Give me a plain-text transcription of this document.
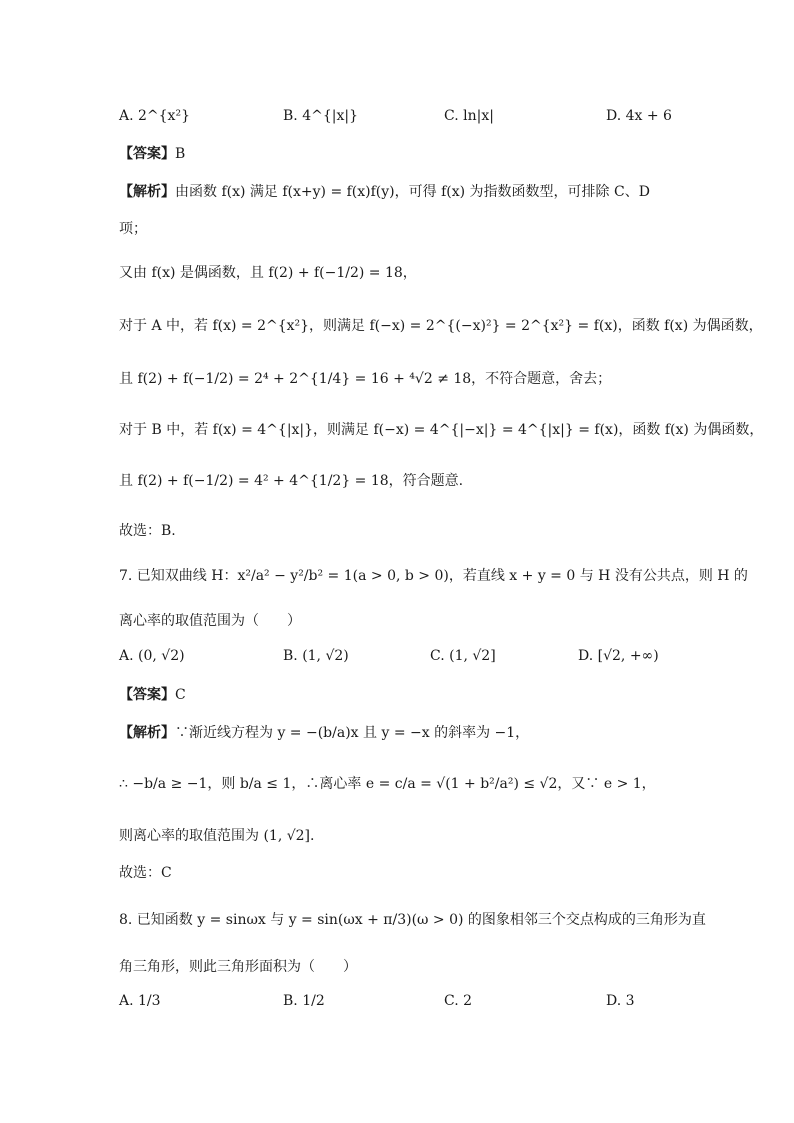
A. 2^{x²}	B. 4^{|x|}	C. ln|x|	D. 4x + 6
【答案】B
【解析】由函数 f(x) 满足 f(x+y) = f(x)f(y)，可得 f(x) 为指数函数型，可排除 C、D
项；
又由 f(x) 是偶函数，且 f(2) + f(−1/2) = 18，
对于 A 中，若 f(x) = 2^{x²}，则满足 f(−x) = 2^{(−x)²} = 2^{x²} = f(x)，函数 f(x) 为偶函数，
且 f(2) + f(−1/2) = 2⁴ + 2^{1/4} = 16 + ⁴√2 ≠ 18，不符合题意，舍去；
对于 B 中，若 f(x) = 4^{|x|}，则满足 f(−x) = 4^{|−x|} = 4^{|x|} = f(x)，函数 f(x) 为偶函数，
且 f(2) + f(−1/2) = 4² + 4^{1/2} = 18，符合题意.
故选：B.
7. 已知双曲线 H：x²/a² − y²/b² = 1(a > 0, b > 0)，若直线 x + y = 0 与 H 没有公共点，则 H 的
离心率的取值范围为（　　）
A. (0, √2)	B. (1, √2)	C. (1, √2]	D. [√2, +∞)
【答案】C
【解析】∵渐近线方程为 y = −(b/a)x 且 y = −x 的斜率为 −1，
∴ −b/a ≥ −1，则 b/a ≤ 1，∴离心率 e = c/a = √(1 + b²/a²) ≤ √2，又∵ e > 1，
则离心率的取值范围为 (1, √2].
故选：C
8. 已知函数 y = sinωx 与 y = sin(ωx + π/3)(ω > 0) 的图象相邻三个交点构成的三角形为直
角三角形，则此三角形面积为（　　）
A. 1/3	B. 1/2	C. 2	D. 3
